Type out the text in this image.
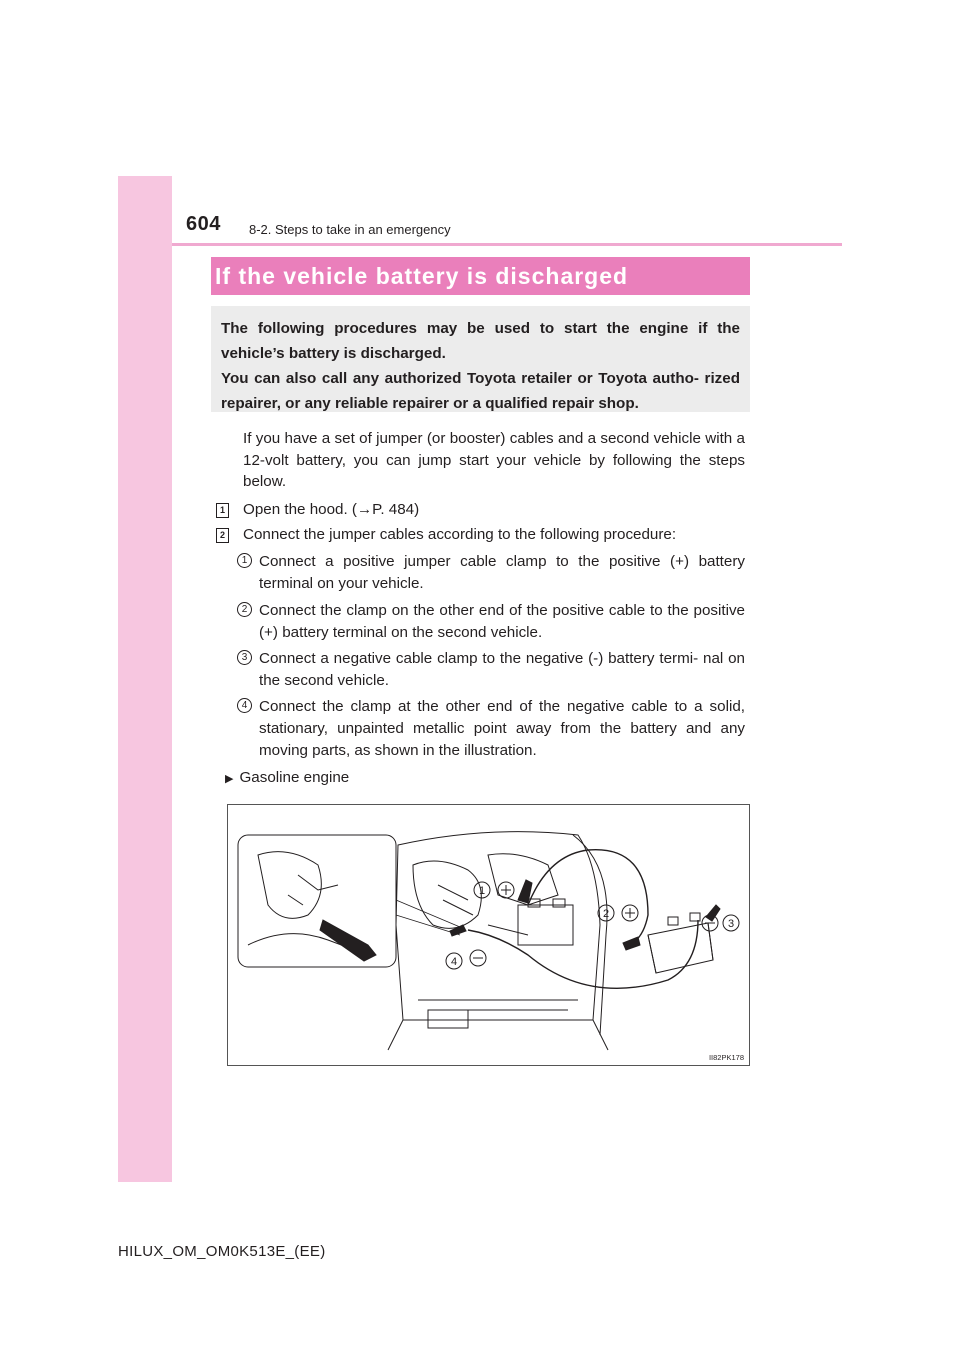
604 8-2. Steps to take in an emergency
If the vehicle battery is discharged

The following procedures may be used to start the engine if the vehicle’s battery is discharged.

You can also call any authorized Toyota retailer or Toyota autho- rized repairer, or any reliable repairer or a qualified repair shop.

If you have a set of jumper (or booster) cables and a second vehicle with a 12-volt battery, you can jump start your vehicle by following the steps below.
1 Open the hood. (→P. 484)
2 Connect the jumper cables according to the following procedure:
1 Connect a positive jumper cable clamp to the positive (+) battery terminal on your vehicle.
2 Connect the clamp on the other end of the positive cable to the positive (+) battery terminal on the second vehicle.
3 Connect a negative cable clamp to the negative (-) battery termi- nal on the second vehicle.
4 Connect the clamp at the other end of the negative cable to a solid, stationary, unpainted metallic point away from the battery and any moving parts, as shown in the illustration.
▶ Gasoline engine
1
2
3
4
II82PK178
HILUX_OM_OM0K513E_(EE)
